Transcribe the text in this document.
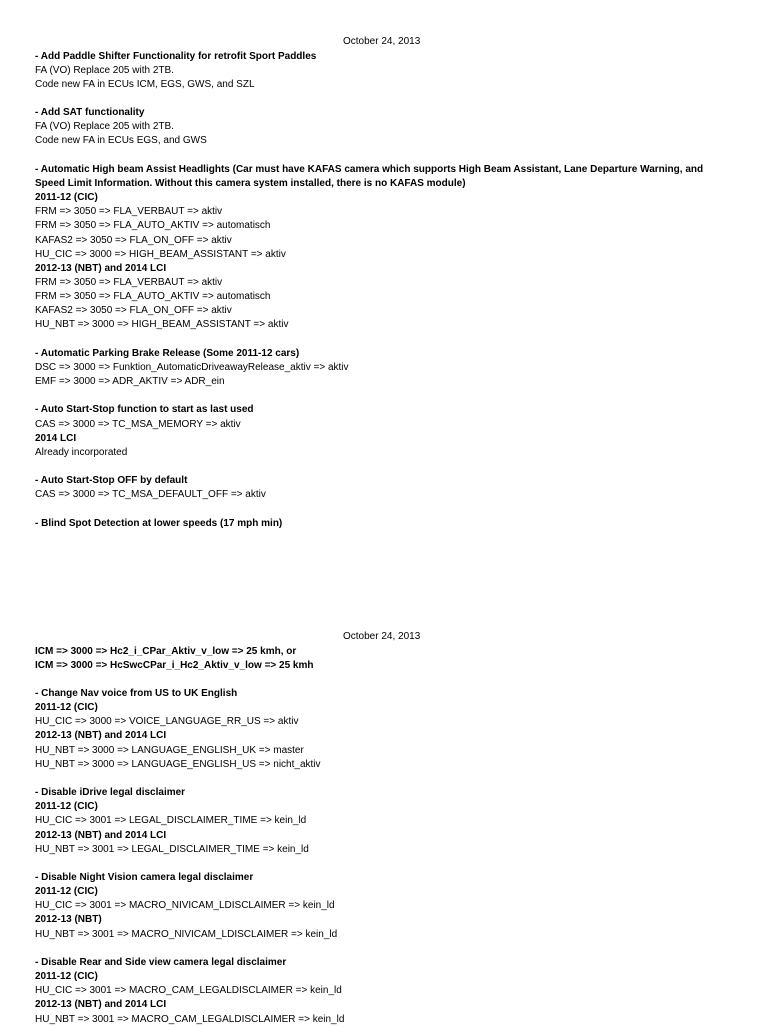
October 24, 2013
- Add Paddle Shifter Functionality for retrofit Sport Paddles
FA (VO) Replace 205 with 2TB.
Code new FA in ECUs ICM, EGS, GWS, and SZL
- Add SAT functionality
FA (VO) Replace 205 with 2TB.
Code new FA in ECUs EGS, and GWS
- Automatic High beam Assist Headlights (Car must have KAFAS camera which supports High Beam Assistant, Lane Departure Warning, and Speed Limit Information. Without this camera system installed, there is no KAFAS module)
2011-12 (CIC)
FRM => 3050 => FLA_VERBAUT => aktiv
FRM => 3050 => FLA_AUTO_AKTIV => automatisch
KAFAS2 => 3050 => FLA_ON_OFF => aktiv
HU_CIC => 3000 => HIGH_BEAM_ASSISTANT => aktiv
2012-13 (NBT) and 2014 LCI
FRM => 3050 => FLA_VERBAUT => aktiv
FRM => 3050 => FLA_AUTO_AKTIV => automatisch
KAFAS2 => 3050 => FLA_ON_OFF => aktiv
HU_NBT => 3000 => HIGH_BEAM_ASSISTANT => aktiv
- Automatic Parking Brake Release (Some 2011-12 cars)
DSC => 3000 => Funktion_AutomaticDriveawayRelease_aktiv => aktiv
EMF => 3000 => ADR_AKTIV => ADR_ein
- Auto Start-Stop function to start as last used
CAS => 3000 => TC_MSA_MEMORY => aktiv
2014 LCI
Already incorporated
- Auto Start-Stop OFF by default
CAS => 3000 => TC_MSA_DEFAULT_OFF => aktiv
- Blind Spot Detection at lower speeds (17 mph min)
October 24, 2013
ICM => 3000 => Hc2_i_CPar_Aktiv_v_low => 25 kmh, or
ICM => 3000 => HcSwcCPar_i_Hc2_Aktiv_v_low => 25 kmh
- Change Nav voice from US to UK English
2011-12 (CIC)
HU_CIC => 3000 => VOICE_LANGUAGE_RR_US => aktiv
2012-13 (NBT) and 2014 LCI
HU_NBT => 3000 => LANGUAGE_ENGLISH_UK => master
HU_NBT => 3000 => LANGUAGE_ENGLISH_US => nicht_aktiv
- Disable iDrive legal disclaimer
2011-12 (CIC)
HU_CIC => 3001 => LEGAL_DISCLAIMER_TIME => kein_ld
2012-13 (NBT) and 2014 LCI
HU_NBT => 3001 => LEGAL_DISCLAIMER_TIME => kein_ld
- Disable Night Vision camera legal disclaimer
2011-12 (CIC)
HU_CIC => 3001 => MACRO_NIVICAM_LDISCLAIMER => kein_ld
2012-13 (NBT)
HU_NBT => 3001 => MACRO_NIVICAM_LDISCLAIMER => kein_ld
- Disable Rear and Side view camera legal disclaimer
2011-12 (CIC)
HU_CIC => 3001 => MACRO_CAM_LEGALDISCLAIMER => kein_ld
2012-13 (NBT) and 2014 LCI
HU_NBT => 3001 => MACRO_CAM_LEGALDISCLAIMER => kein_ld
